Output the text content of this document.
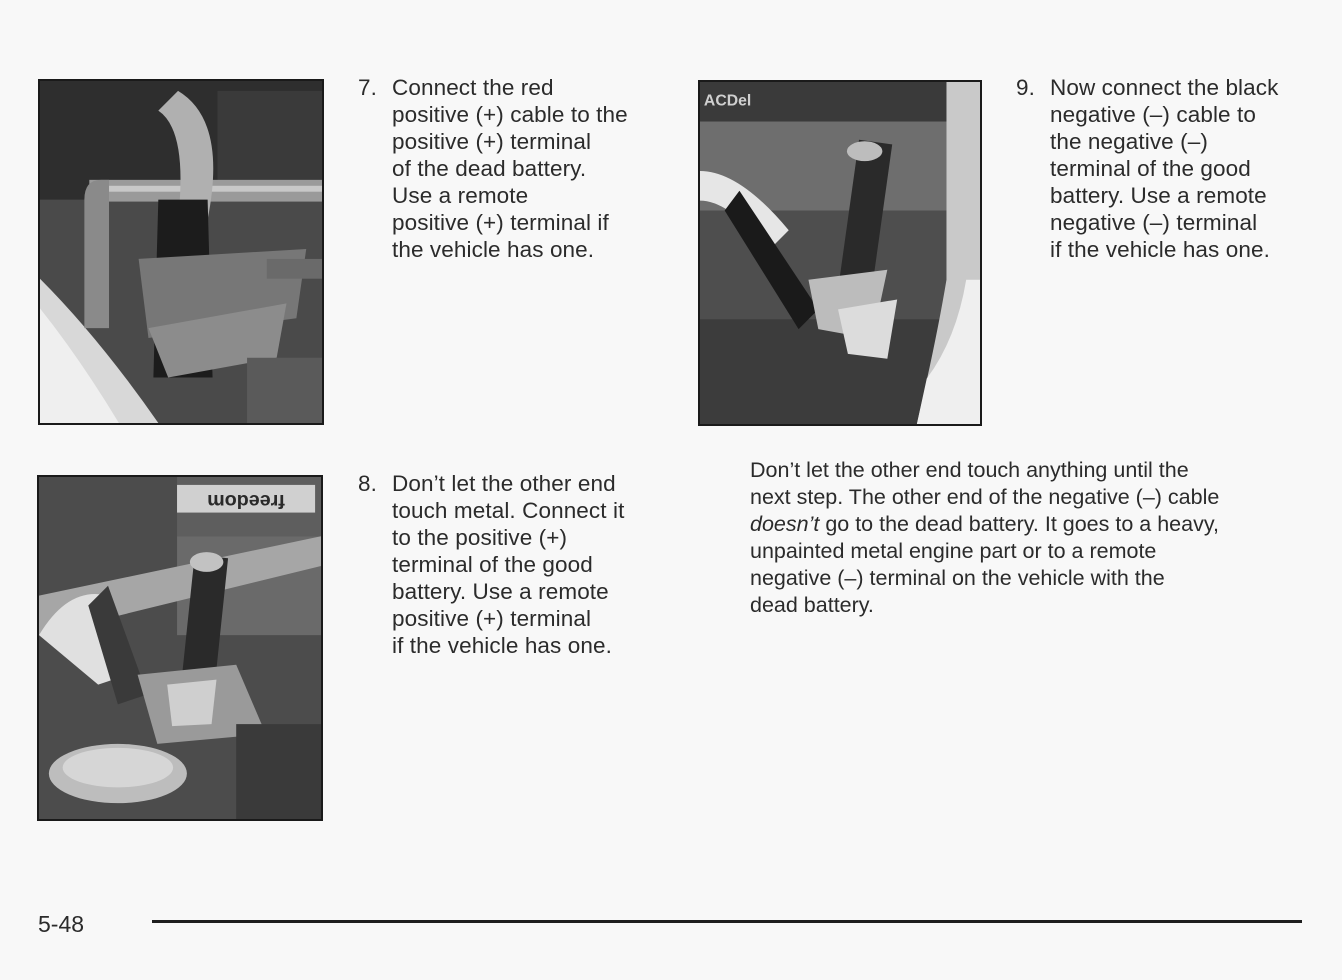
7. Connect the red
positive (+) cable to the
positive (+) terminal
of the dead battery.
Use a remote
positive (+) terminal if
the vehicle has one.
ACDel
9. Now connect the black
negative (–) cable to
the negative (–)
terminal of the good
battery. Use a remote
negative (–) terminal
if the vehicle has one.
freedom
8. Don’t let the other end
touch metal. Connect it
to the positive (+)
terminal of the good
battery. Use a remote
positive (+) terminal
if the vehicle has one.
Don’t let the other end touch anything until the
next step. The other end of the negative (–) cable
doesn’t go to the dead battery. It goes to a heavy,
unpainted metal engine part or to a remote
negative (–) terminal on the vehicle with the
dead battery.
5-48
